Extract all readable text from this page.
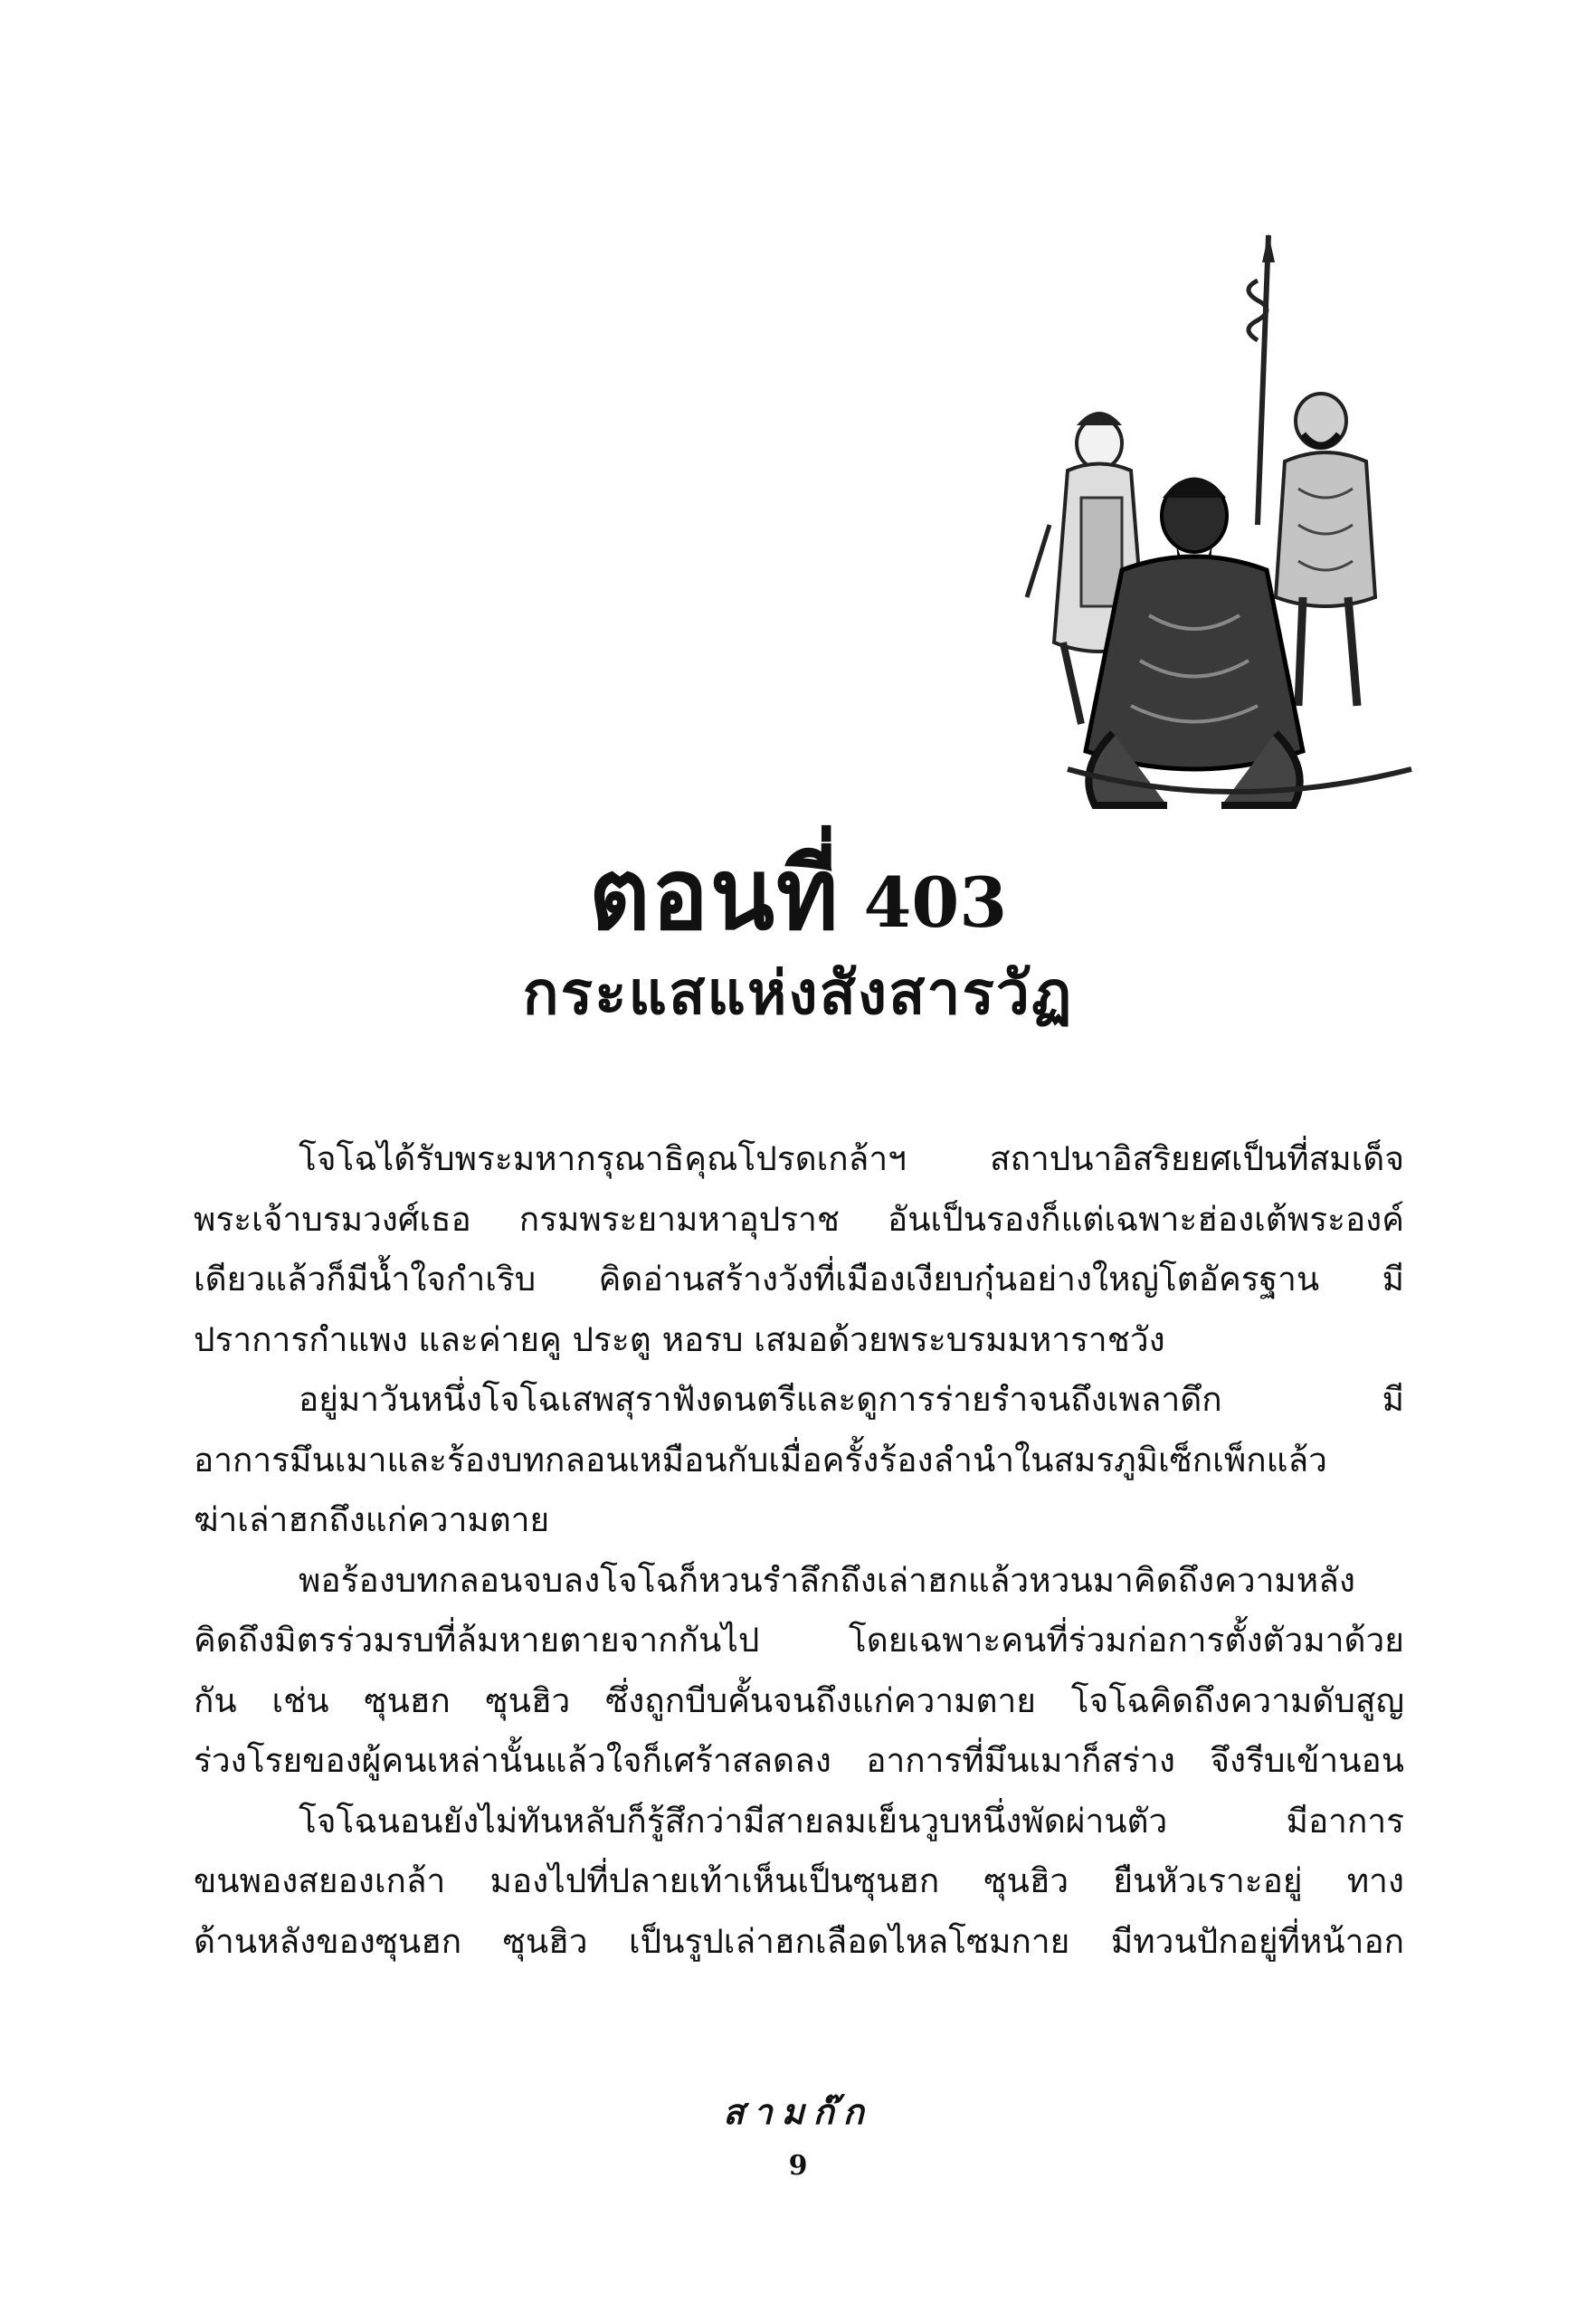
ตอนที่ 403
กระแสแห่งสังสารวัฏ
โจโฉได้รับพระมหากรุณาธิคุณโปรดเกล้าฯ สถาปนาอิสริยยศเป็นที่สมเด็จ
พระเจ้าบรมวงศ์เธอ กรมพระยามหาอุปราช อันเป็นรองก็แต่เฉพาะฮ่องเต้พระองค์
เดียวแล้วก็มีน้ำใจกำเริบ คิดอ่านสร้างวังที่เมืองเงียบกุ๋นอย่างใหญ่โตอัครฐาน มี
ปราการกำแพง และค่ายคู ประตู หอรบ เสมอด้วยพระบรมมหาราชวัง
อยู่มาวันหนึ่งโจโฉเสพสุราฟังดนตรีและดูการร่ายรำจนถึงเพลาดึก มี
อาการมึนเมาและร้องบทกลอนเหมือนกับเมื่อครั้งร้องลำนำในสมรภูมิเซ็กเพ็กแล้ว
ฆ่าเล่าฮกถึงแก่ความตาย
พอร้องบทกลอนจบลงโจโฉก็หวนรำลึกถึงเล่าฮกแล้วหวนมาคิดถึงความหลัง
คิดถึงมิตรร่วมรบที่ล้มหายตายจากกันไป โดยเฉพาะคนที่ร่วมก่อการตั้งตัวมาด้วย
กัน เช่น ซุนฮก ซุนฮิว ซึ่งถูกบีบคั้นจนถึงแก่ความตาย โจโฉคิดถึงความดับสูญ
ร่วงโรยของผู้คนเหล่านั้นแล้วใจก็เศร้าสลดลง อาการที่มึนเมาก็สร่าง จึงรีบเข้านอน
โจโฉนอนยังไม่ทันหลับก็รู้สึกว่ามีสายลมเย็นวูบหนึ่งพัดผ่านตัว มีอาการ
ขนพองสยองเกล้า มองไปที่ปลายเท้าเห็นเป็นซุนฮก ซุนฮิว ยืนหัวเราะอยู่ ทาง
ด้านหลังของซุนฮก ซุนฮิว เป็นรูปเล่าฮกเลือดไหลโซมกาย มีทวนปักอยู่ที่หน้าอก
สามก๊ก
9
